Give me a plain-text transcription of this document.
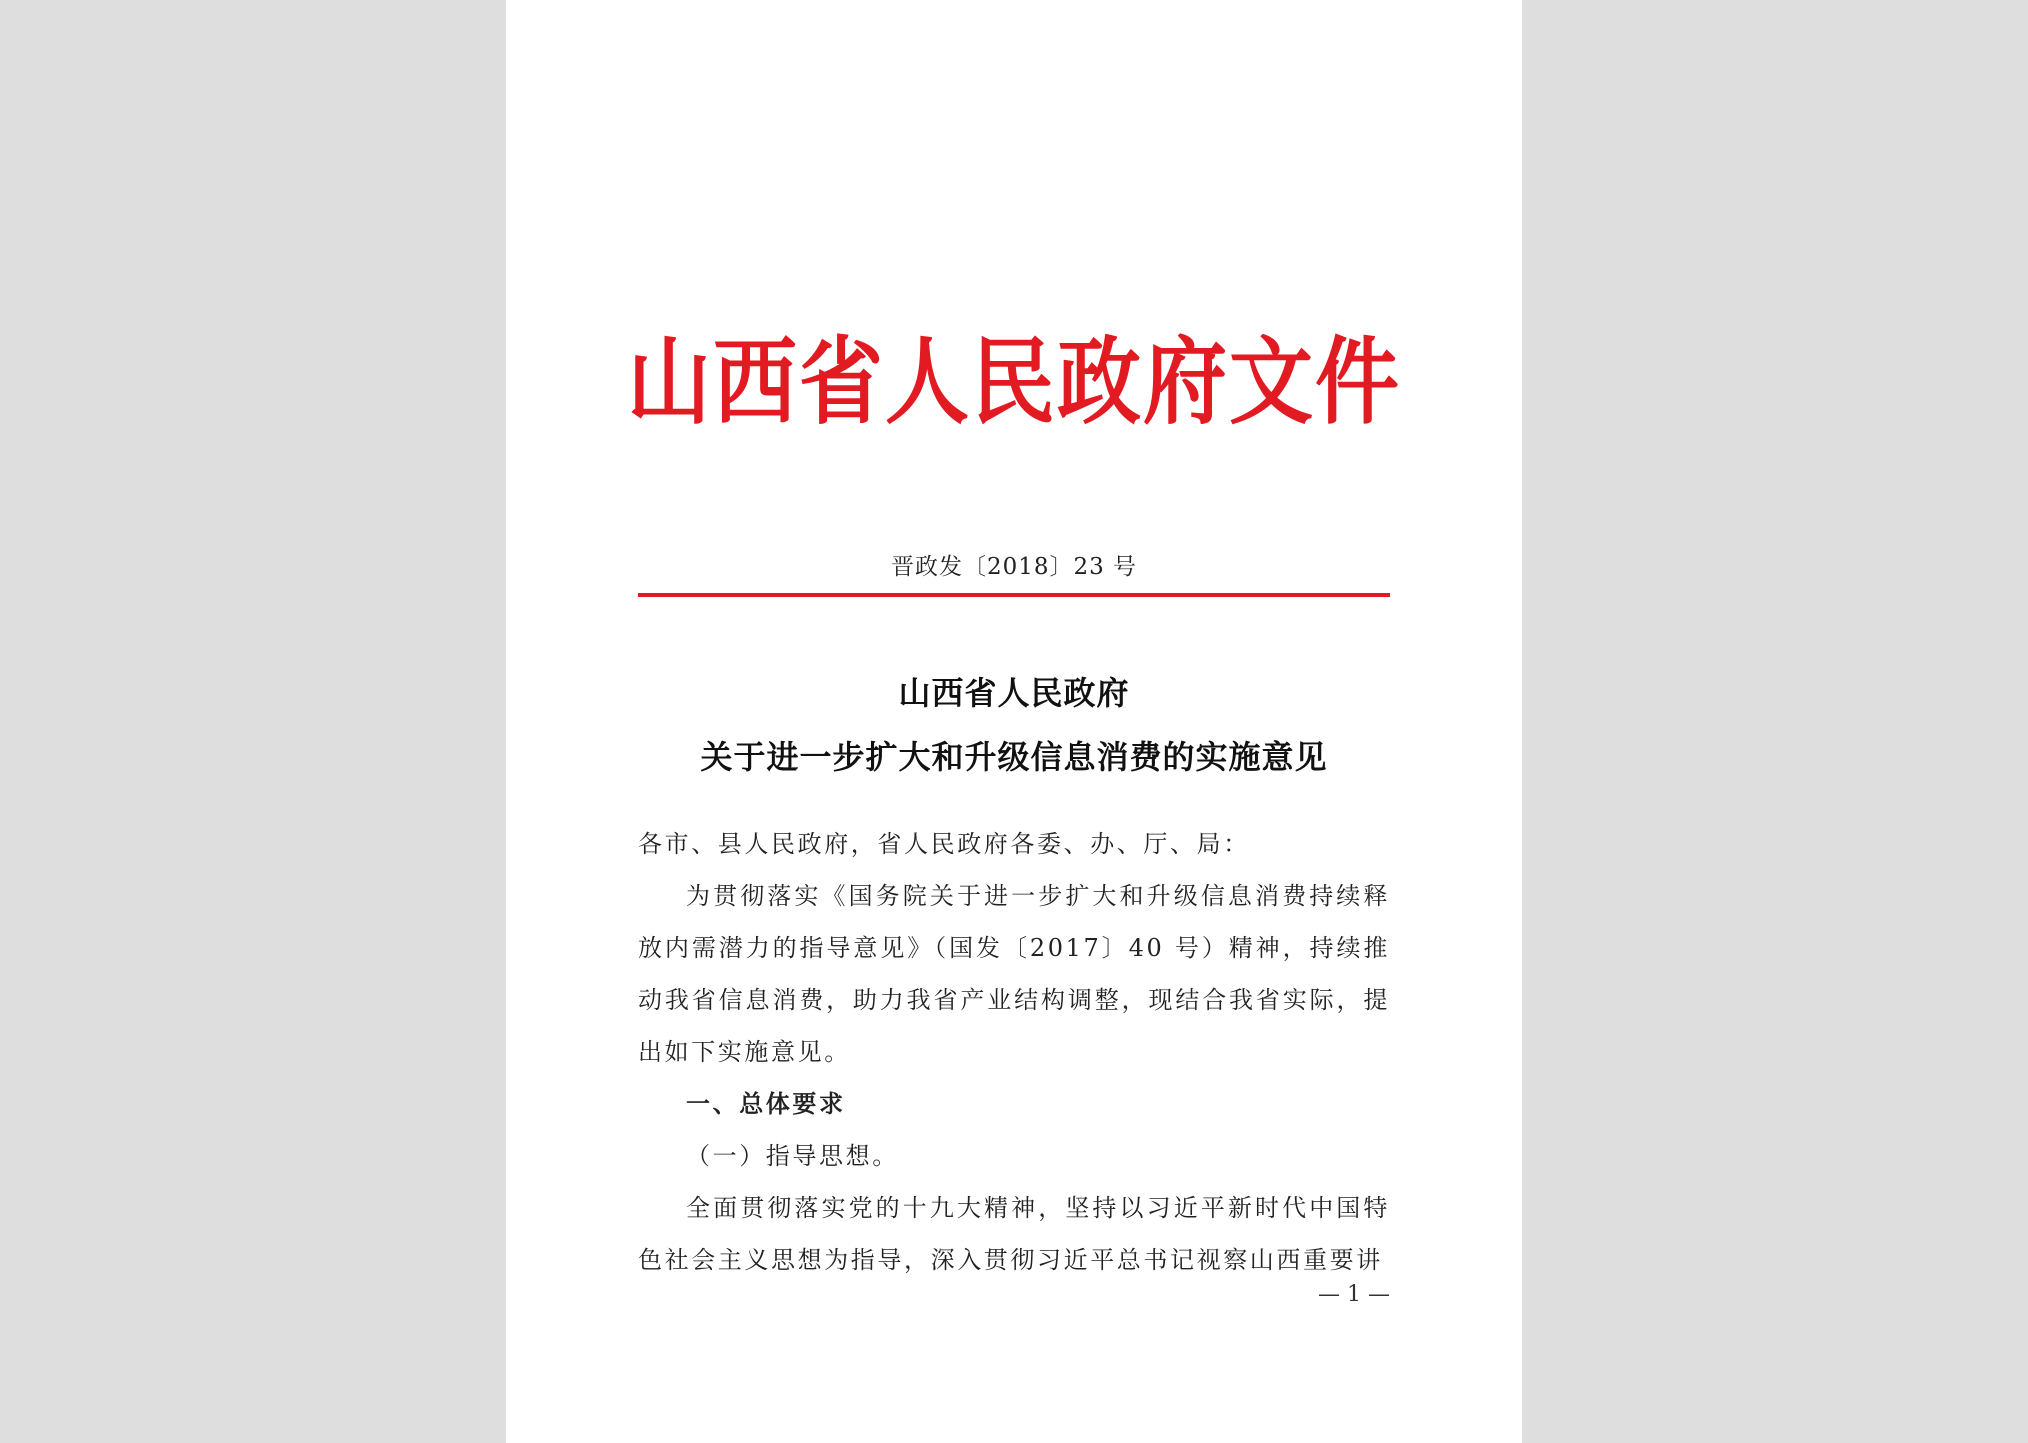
山西省人民政府文件
晋政发〔2018〕23 号
山西省人民政府
关于进一步扩大和升级信息消费的实施意见

各市、县人民政府，省人民政府各委、办、厅、局：

为贯彻落实《国务院关于进一步扩大和升级信息消费持续释放内需潜力的指导意见》（国发〔2017〕40 号）精神，持续推动我省信息消费，助力我省产业结构调整，现结合我省实际，提出如下实施意见。

一、总体要求

（一）指导思想。

全面贯彻落实党的十九大精神，坚持以习近平新时代中国特色社会主义思想为指导，深入贯彻习近平总书记视察山西重要讲

— 1 —
